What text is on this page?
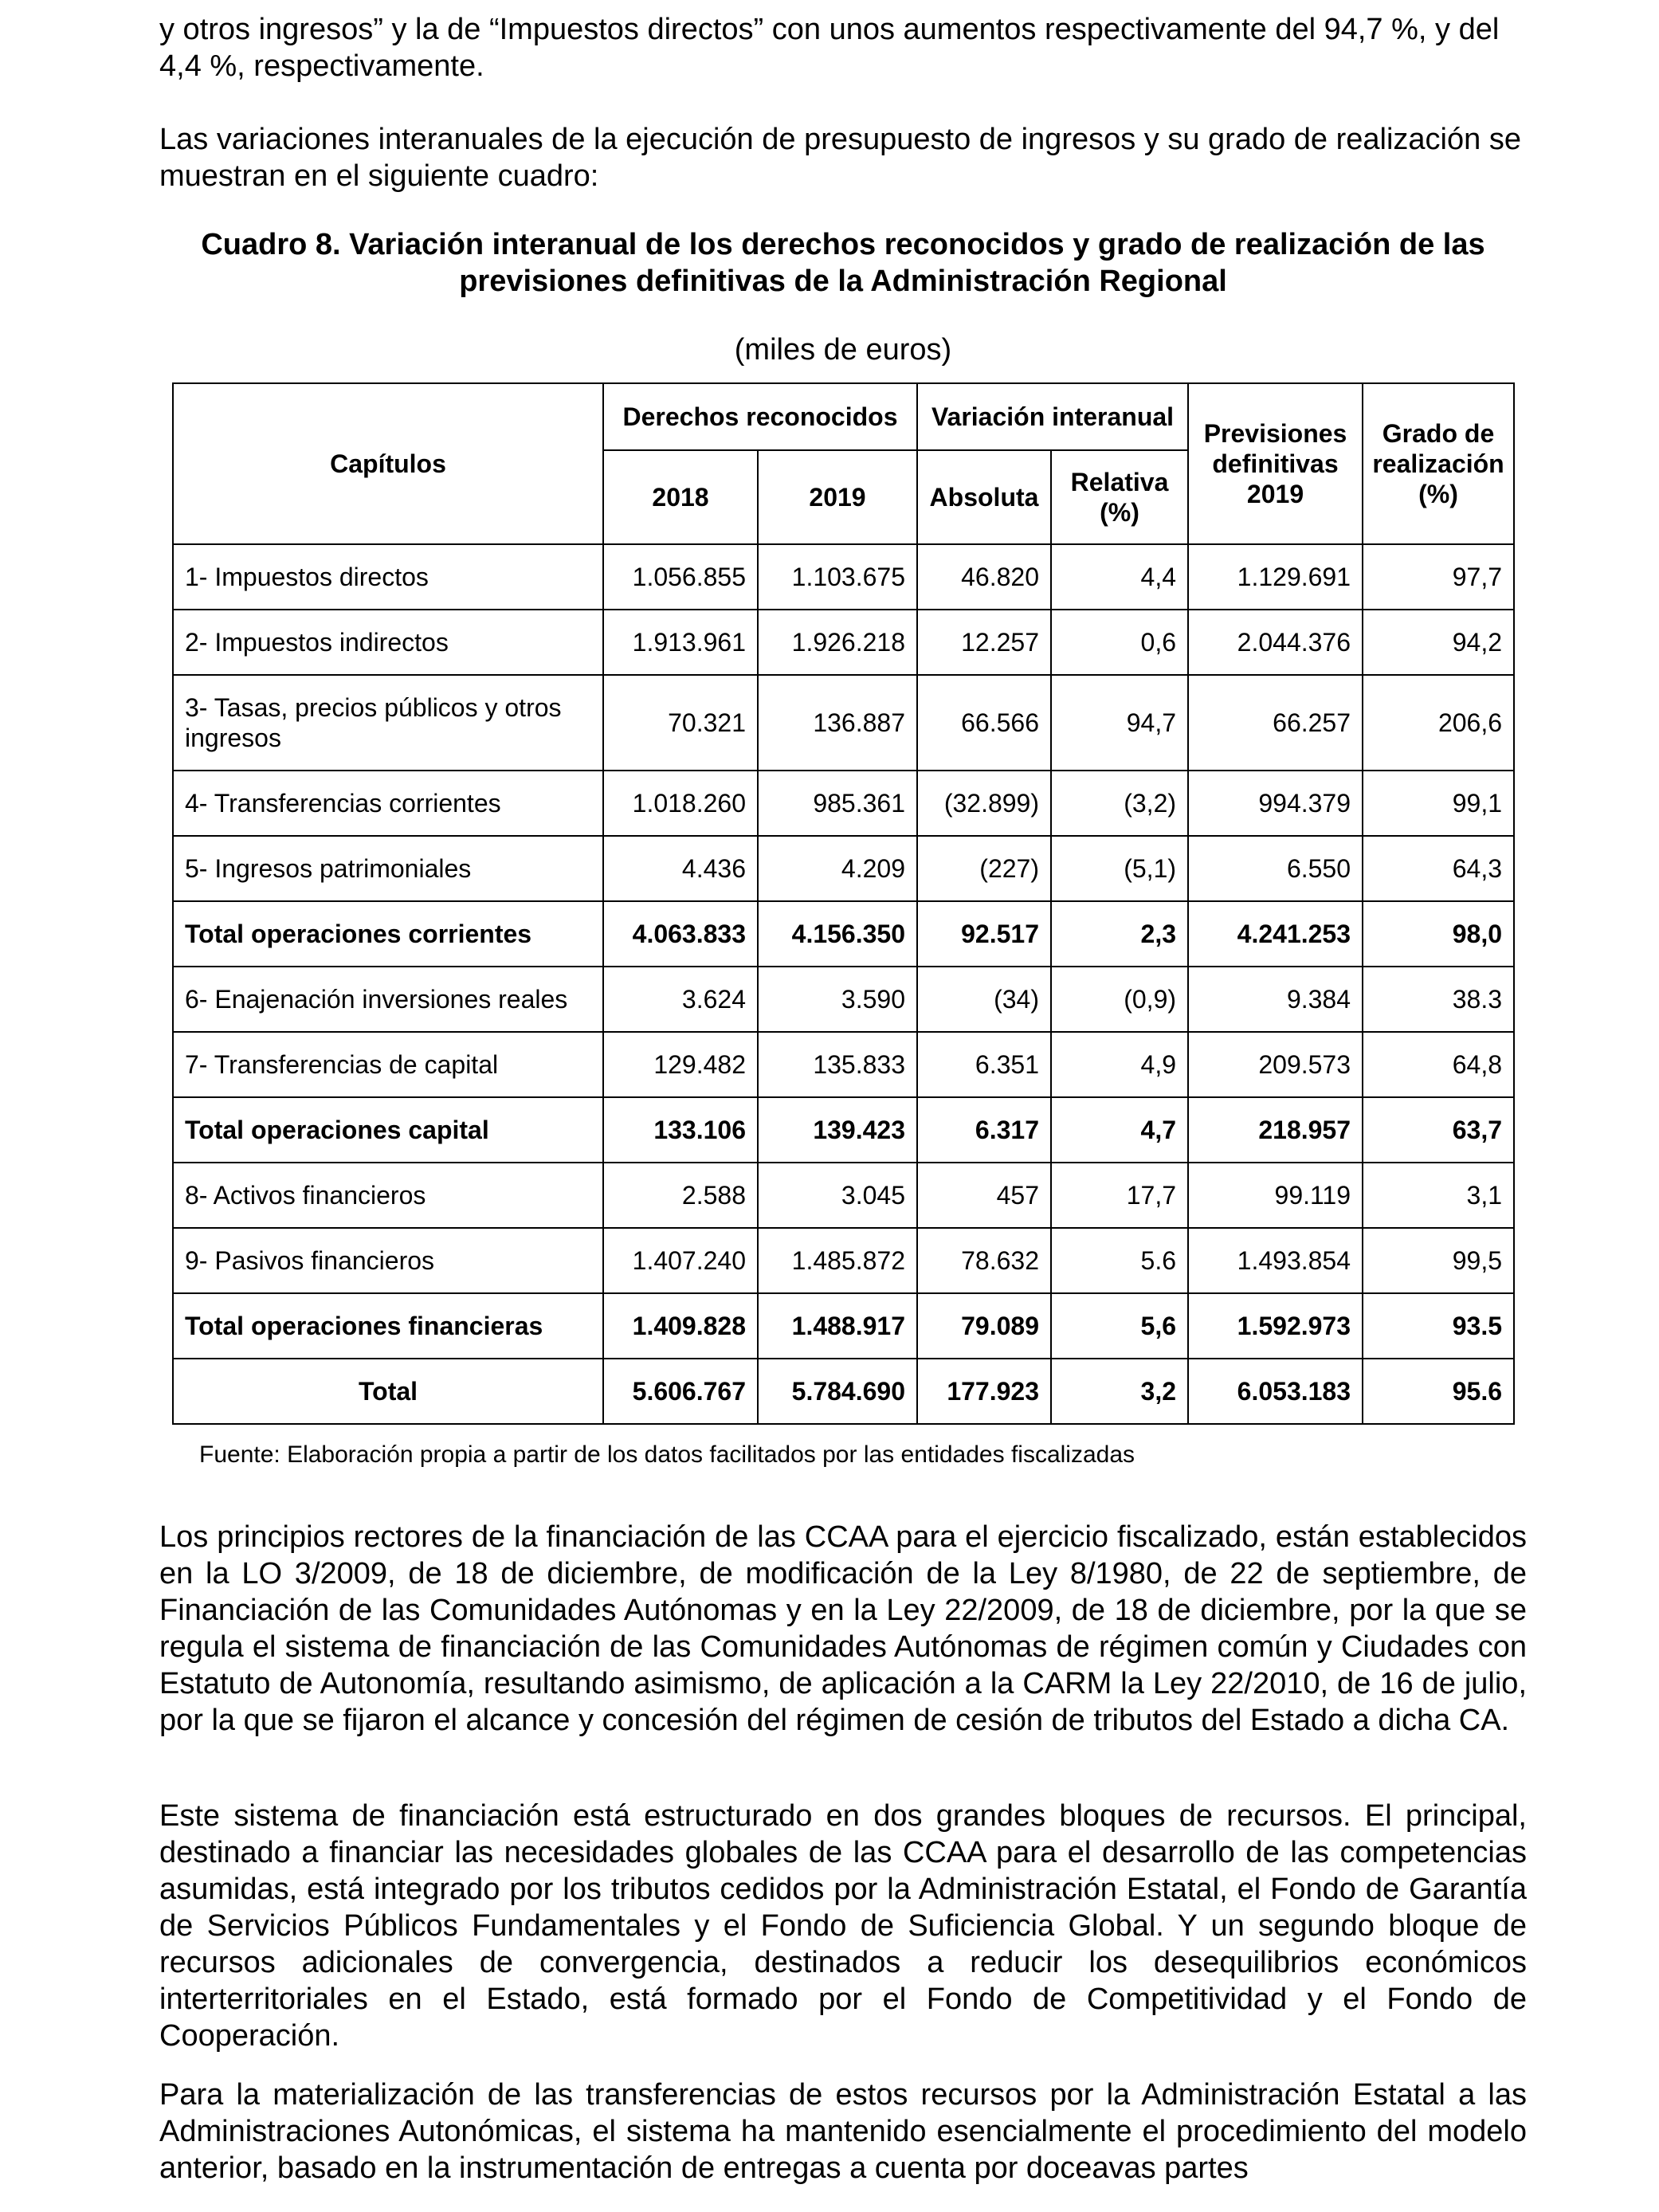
y otros ingresos” y la de “Impuestos directos” con unos aumentos respectivamente del 94,7 %, y del 4,4 %, respectivamente.

Las variaciones interanuales de la ejecución de presupuesto de ingresos y su grado de realización se muestran en el siguiente cuadro:

Cuadro 8. Variación interanual de los derechos reconocidos y grado de realización de las
previsiones definitivas de la Administración Regional
(miles de euros)
Capítulos	Derechos reconocidos		Variación interanual		Previsiones definitivas 2019	Grado de realización (%)
	2018	2019	Absoluta	Relativa (%)		
1- Impuestos directos	1.056.855	1.103.675	46.820	4,4	1.129.691	97,7
2- Impuestos indirectos	1.913.961	1.926.218	12.257	0,6	2.044.376	94,2
3- Tasas, precios públicos y otros ingresos	70.321	136.887	66.566	94,7	66.257	206,6
4- Transferencias corrientes	1.018.260	985.361	(32.899)	(3,2)	994.379	99,1
5- Ingresos patrimoniales	4.436	4.209	(227)	(5,1)	6.550	64,3
Total operaciones corrientes	4.063.833	4.156.350	92.517	2,3	4.241.253	98,0
6- Enajenación inversiones reales	3.624	3.590	(34)	(0,9)	9.384	38.3
7- Transferencias de capital	129.482	135.833	6.351	4,9	209.573	64,8
Total operaciones capital	133.106	139.423	6.317	4,7	218.957	63,7
8- Activos financieros	2.588	3.045	457	17,7	99.119	3,1
9- Pasivos financieros	1.407.240	1.485.872	78.632	5.6	1.493.854	99,5
Total operaciones financieras	1.409.828	1.488.917	79.089	5,6	1.592.973	93.5
Total	5.606.767	5.784.690	177.923	3,2	6.053.183	95.6
Fuente: Elaboración propia a partir de los datos facilitados por las entidades fiscalizadas

Los principios rectores de la financiación de las CCAA para el ejercicio fiscalizado, están establecidos en la LO 3/2009, de 18 de diciembre, de modificación de la Ley 8/1980, de 22 de septiembre, de Financiación de las Comunidades Autónomas y en la Ley 22/2009, de 18 de diciembre, por la que se regula el sistema de financiación de las Comunidades Autónomas de régimen común y Ciudades con Estatuto de Autonomía, resultando asimismo, de aplicación a la CARM la Ley 22/2010, de 16 de julio, por la que se fijaron el alcance y concesión del régimen de cesión de tributos del Estado a dicha CA.

Este sistema de financiación está estructurado en dos grandes bloques de recursos. El principal, destinado a financiar las necesidades globales de las CCAA para el desarrollo de las competencias asumidas, está integrado por los tributos cedidos por la Administración Estatal, el Fondo de Garantía de Servicios Públicos Fundamentales y el Fondo de Suficiencia Global. Y un segundo bloque de recursos adicionales de convergencia, destinados a reducir los desequilibrios económicos interterritoriales en el Estado, está formado por el Fondo de Competitividad y el Fondo de Cooperación.

Para la materialización de las transferencias de estos recursos por la Administración Estatal a las Administraciones Autonómicas, el sistema ha mantenido esencialmente el procedimiento del modelo anterior, basado en la instrumentación de entregas a cuenta por doceavas partes
